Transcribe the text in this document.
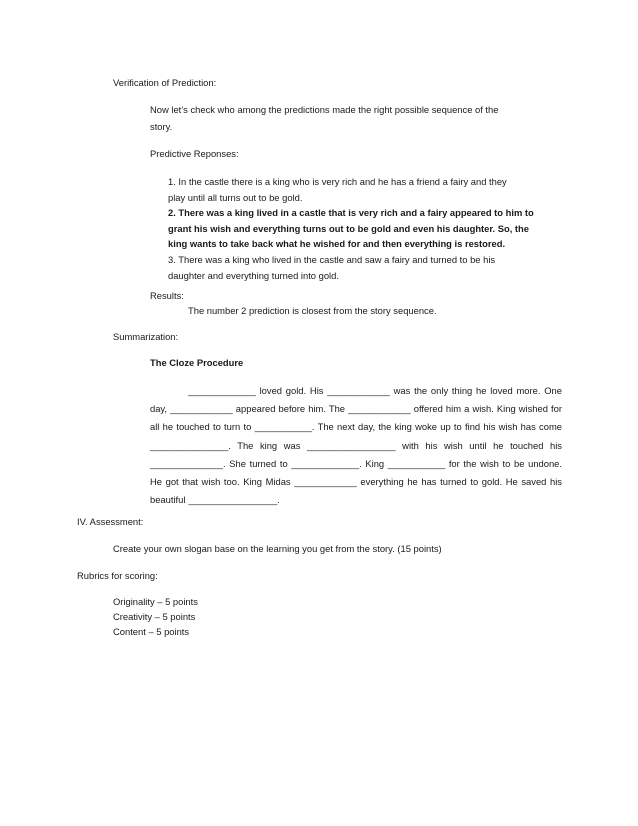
Verification of Prediction:
Now let’s check who among the predictions made the right possible sequence of the
story.
Predictive Reponses:
1. In the castle there is a king who is very rich and he has a friend a fairy and they
play until all turns out to be gold.
2. There was a king lived in a castle that is very rich and a fairy appeared to him to
grant his wish and everything turns out to be gold and even his daughter. So, the
king wants to take back what he wished for and then everything is restored.
3. There was a king who lived in the castle and saw a fairy and turned to be his
daughter and everything turned into gold.
Results:
The number 2 prediction is closest from the story sequence.
Summarization:
The Cloze Procedure
_____________ loved gold. His ____________ was the only thing he loved more. One day, ____________ appeared before him. The ____________ offered him a wish. King wished for all he touched to turn to ___________. The next day, the king woke up to find his wish has come _______________. The king was _________________ with his wish until he touched his ______________. She turned to _____________. King ___________ for the wish to be undone. He got that wish too. King Midas ____________ everything he has turned to gold. He saved his beautiful _________________.
IV. Assessment:
Create your own slogan base on the learning you get from the story. (15 points)
Rubrics for scoring:
Originality – 5 points
Creativity – 5 points
Content – 5 points
